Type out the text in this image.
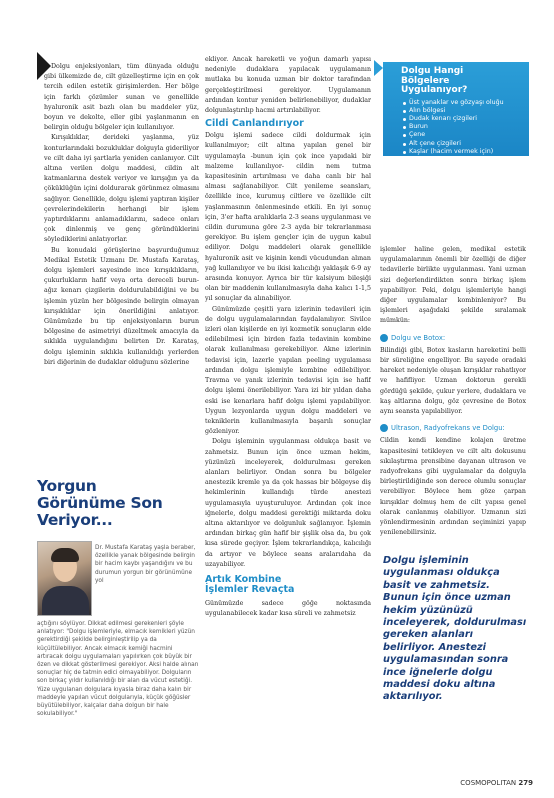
Dolgu enjeksiyonları, tüm dünyada olduğu gibi ülkemizde de, cilt güzelleştirme için en çok tercih edilen estetik girişimlerden. Her bölge için farklı çözümler sunan ve genellikle hyaluronik asit bazlı olan bu maddeler yüz, boyun ve dekolte, eller gibi yaşlanmanın en belirgin olduğu bölgeler için kullanılıyor.

Kırışıklıklar, derideki yaşlanma, yüz konturlarındaki bozukluklar dolguyla gideriliyor ve cilt daha iyi şartlarla yeniden canlanıyor. Cilt altına verilen dolgu maddesi, cildin alt katmanlarına destek veriyor ve kırışığın ya da çöküklüğün içini doldurarak görünmez olmasını sağlıyor. Genellikle, dolgu işlemi yaptıran kişiler çevrelerindekilerin herhangi bir işlem yaptırdıklarını anlamadıklarını, sadece onları çok dinlenmiş ve genç göründüklerini söylediklerini anlatıyorlar.

Bu konudaki görüşlerine başvurduğumuz Medikal Estetik Uzmanı Dr. Mustafa Karataş, dolgu işlemleri sayesinde ince kırışıklıkların, çukurlukların hafif veya orta dereceli burun-ağız kenarı çizgilerin doldurulabildiğini ve bu işlemin yüzün her bölgesinde belirgin olmayan kırışıklıklar için önerildiğini anlatıyor. Günümüzde bu tip enjeksiyonların burun bölgesine de asimetriyi düzeltmek amacıyla da sıklıkla uygulandığını belirten Dr. Karataş, dolgu işleminin sıklıkla kullanıldığı yerlerden biri diğerinin de dudaklar olduğunu sözlerine

Yorgun
Görünüme Son
Veriyor...
Dr. Mustafa Karataş yaşla beraber, özellikle yanak bölgesinde belirgin bir hacim kaybı yaşandığını ve bu durumun yorgun bir görünümüne yol
açtığını söylüyor. Dikkat edilmesi gerekenleri şöyle anlatıyor: "Dolgu işlemleriyle, elmacık kemikleri yüzün gerektirdiği şekilde belirginleştirilip ya da küçültülebiliyor. Ancak elmacık kemiği hacmini artıracak dolgu uygulamaları yapılırken çok büyük bir özen ve dikkat gösterilmesi gerekiyor. Aksi halde alınan sonuçlar hiç de tatmin edici olmayabiliyor. Dolguların son birkaç yıldır kullanıldığı bir alan da vücut estetiği. Yüze uygulanan dolgulara kıyasla biraz daha kalın bir maddeyle yapılan vücut dolgularıyla, küçük göğüsler büyütülebiliyor, kalçalar daha dolgun bir hale sokulabiliyor."

ekliyor. Ancak hareketli ve yoğun damarlı yapısı nedeniyle dudaklara yapılacak uygulamanın mutlaka bu konuda uzman bir doktor tarafından gerçekleştirilmesi gerekiyor. Uygulamanın ardından kontur yeniden belirlenebiliyor, dudaklar dolgunlaştırılıp hacmi artırılabiliyor.

Cildi Canlandırıyor

Dolgu işlemi sadece cildi doldurmak için kullanılmıyor; cilt altına yapılan genel bir uygulamayla -bunun için çok ince yapıdaki bir malzeme kullanılıyor- cildin nem tutma kapasitesinin artırılması ve daha canlı bir hal alması sağlanabiliyor. Cilt yenileme seansları, özellikle ince, kurumuş ciltlere ve özellikle cilt yaşlanmasının önlenmesinde etkili. En iyi sonuç için, 3'er hafta aralıklarla 2-3 seans uygulanması ve cildin durumuna göre 2-3 ayda bir tekrarlanması gerekiyor. Bu işlem gençler için de uygun kabul ediliyor. Dolgu maddeleri olarak genellikle hyaluronik asit ve kişinin kendi vücudundan alınan yağ kullanılıyor ve bu ikisi kalıcılığı yaklaşık 6-9 ay arasında konuyor. Ayrıca bir tür kalsiyum bileşiği olan bir maddenin kullanılmasıyla daha kalıcı 1-1,5 yıl sonuçlar da alınabiliyor.

Günümüzde çeşitli yara izlerinin tedavileri için de dolgu uygulamalarından faydalanılıyor. Sivilce izleri olan kişilerde en iyi kozmetik sonuçların elde edilebilmesi için birden fazla tedavinin kombine olarak kullanılması gerekebiliyor. Akne izlerinin tedavisi için, lazerle yapılan peeling uygulaması ardından dolgu işlemiyle kombine edilebiliyor. Travma ve yanık izlerinin tedavisi için ise hafif dolgu işlemi önerilebiliyor. Yara izi bir yıldan daha eski ise kenarlara hafif dolgu işlemi yapılabiliyor. Uygun lezyonlarda uygun dolgu maddeleri ve tekniklerin kullanılmasıyla başarılı sonuçlar gözleniyor.

Dolgu işleminin uygulanması oldukça basit ve zahmetsiz. Bunun için önce uzman hekim, yüzünüzü inceleyerek, doldurulması gereken alanları belirliyor. Ondan sonra bu bölgeler anestezik kremle ya da çok hassas bir bölgeyse diş hekimlerinin kullandığı türde anestezi uygulamasıyla uyuşturuluyor. Ardından çok ince iğnelerle, dolgu maddesi gerektiği miktarda doku altına aktarılıyor ve dolgunluk sağlanıyor. İşlemin ardından birkaç gün hafif bir şişlik olsa da, bu çok kısa sürede geçiyor. İşlem tekrarlandıkça, kalıcılığı da artıyor ve böylece seans aralarıdaha da uzayabiliyor.

Artık Kombine
İşlemler Revaçta

Günümüzde sadece göğe noktasında uygulanabilecek kadar kısa süreli ve zahmetsiz

Dolgu Hangi
Bölgelere
Uygulanıyor?
Üst yanaklar ve gözyaşı oluğu
Alın bölgesi
Dudak kenarı çizgileri
Burun
Çene
Alt çene çizgileri
Kaşlar (hacim vermek için)
Yara izleri

işlemler haline gelen, medikal estetik uygulamalarının önemli bir özelliği de diğer tedavilerle birlikte uygulanması. Yani uzman sizi değerlendirdikten sonra birkaç işlem yapabiliyor. Peki, dolgu işlemleriyle hangi diğer uygulamalar kombinleniyor? Bu işlemleri aşağıdaki şekilde sıralamak mümkün:

Dolgu ve Botox:

Bilindiği gibi, Botox kasların hareketini belli bir süreliğine engelliyor. Bu sayede oradaki hareket nedeniyle oluşan kırışıklar rahatlıyor ve hafifliyor. Uzman doktorun gerekli gördüğü şekilde, çukur yerlere, dudaklara ve kaş altlarına dolgu, göz çevresine de Botox aynı seansta yapılabiliyor.

Ultrason, Radyofrekans ve Dolgu:

Cildin kendi kendine kolajen üretme kapasitesini tetikleyen ve cilt altı dokusunu sıkılaştırma prensibine dayanan ultrason ve radyofrekans gibi uygulamalar da dolguyla birleştirildiğinde son derece olumlu sonuçlar verebiliyor. Böylece hem göze çarpan kırışıklar dolmuş hem de cilt yapısı genel olarak canlanmış olabiliyor. Uzmanın sizi yönlendirmesinin ardından seçiminizi yapıp yenilenebilirsiniz.

Dolgu işleminin uygulanması oldukça basit ve zahmetsiz. Bunun için önce uzman hekim yüzünüzü inceleyerek, doldurulması gereken alanları belirliyor. Anestezi uygulamasından sonra ince iğnelerle dolgu maddesi doku altına aktarılıyor.
COSMOPOLITAN 279
